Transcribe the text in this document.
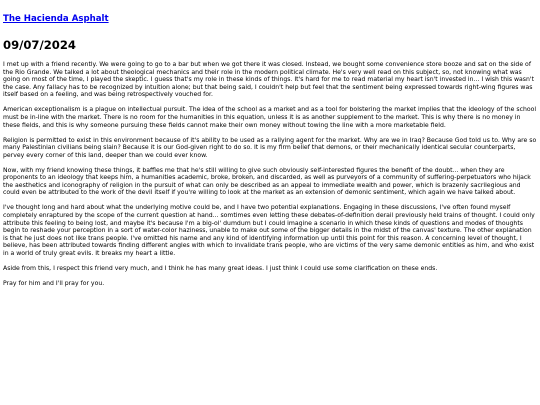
The Hacienda Asphalt
09/07/2024

I met up with a friend recently. We were going to go to a bar but when we got there it was closed. Instead, we bought some convenience store booze and sat on the side of the Rio Grande. We talked a lot about theological mechanics and their role in the modern political climate. He's very well read on this subject, so, not knowing what was going on most of the time, I played the skeptic. I guess that's my role in these kinds of things. It's hard for me to read material my heart isn't invested in... I wish this wasn't the case. Any fallacy has to be recognized by intuition alone; but that being said, I couldn't help but feel that the sentiment being expressed towards right-wing figures was itself based on a feeling, and was being retrospectively vouched for.

American exceptionalism is a plague on intellectual pursuit. The idea of the school as a market and as a tool for bolstering the market implies that the ideology of the school must be in-line with the market. There is no room for the humanities in this equation, unless it is as another supplement to the market. This is why there is no money in these fields, and this is why someone pursuing these fields cannot make their own money without towing the line with a more marketable field.

Religion is permitted to exist in this environment because of it's ability to be used as a rallying agent for the market. Why are we in Iraq? Because God told us to. Why are so many Palestinian civilians being slain? Because it is our God-given right to do so. It is my firm belief that demons, or their mechanically identical secular counterparts, pervey every corner of this land, deeper than we could ever know.

Now, with my friend knowing these things, it baffles me that he's still willing to give such obviously self-interested figures the benefit of the doubt... when they are proponents to an ideology that keeps him, a humanities academic, broke, broken, and discarded, as well as purveyors of a community of suffering-perpetuators who hijack the aesthetics and iconography of religion in the pursuit of what can only be described as an appeal to immediate wealth and power, which is brazenly sacrilegious and could even be attributed to the work of the devil itself if you're willing to look at the market as an extension of demonic sentiment, which again we have talked about.

I've thought long and hard about what the underlying motive could be, and I have two potential explanations. Engaging in these discussions, I've often found myself completely enraptured by the scope of the current question at hand... somtimes even letting these debates-of-definition derail previously held trains of thought. I could only attribute this feeling to being lost, and maybe it's because I'm a big-ol' dumdum but I could imagine a scenario in which these kinds of questions and modes of thoughts begin to reshade your perception in a sort of water-color haziness, unable to make out some of the bigger details in the midst of the canvas' texture. The other explanation is that he just does not like trans people. I've omitted his name and any kind of identifying information up until this point for this reason. A concerning level of thought, I believe, has been attributed towards finding different angles with which to invalidate trans people, who are victims of the very same demonic entities as him, and who exist in a world of truly great evils. It breaks my heart a little.

Aside from this, I respect this friend very much, and I think he has many great ideas. I just think I could use some clarification on these ends.

Pray for him and I'll pray for you.
